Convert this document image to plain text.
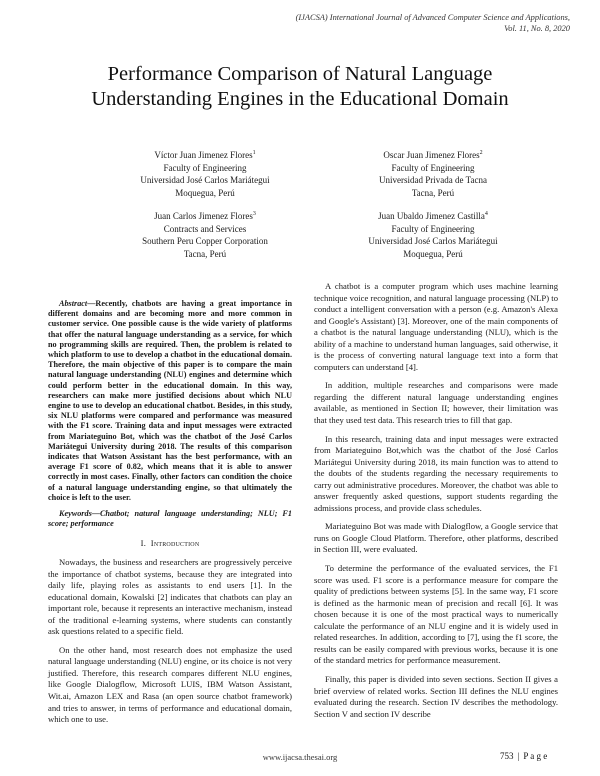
(IJACSA) International Journal of Advanced Computer Science and Applications,
Vol. 11, No. 8, 2020
Performance Comparison of Natural Language
Understanding Engines in the Educational Domain
Víctor Juan Jimenez Flores$^1$
Faculty of Engineering
Universidad José Carlos Mariátegui
Moquegua, Perú
Oscar Juan Jimenez Flores$^2$
Faculty of Engineering
Universidad Privada de Tacna
Tacna, Perú
Juan Carlos Jimenez Flores$^3$
Contracts and Services
Southern Peru Copper Corporation
Tacna, Perú
Juan Ubaldo Jimenez Castilla$^4$
Faculty of Engineering
Universidad José Carlos Mariátegui
Moquegua, Perú
Abstract—Recently, chatbots are having a great importance in different domains and are becoming more and more common in customer service. One possible cause is the wide variety of platforms that offer the natural language understanding as a service, for which no programming skills are required. Then, the problem is related to which platform to use to develop a chatbot in the educational domain. Therefore, the main objective of this paper is to compare the main natural language understanding (NLU) engines and determine which could perform better in the educational domain. In this way, researchers can make more justified decisions about which NLU engine to use to develop an educational chatbot. Besides, in this study, six NLU platforms were compared and performance was measured with the F1 score. Training data and input messages were extracted from Mariateguino Bot, which was the chatbot of the José Carlos Mariátegui University during 2018. The results of this comparison indicates that Watson Assistant has the best performance, with an average F1 score of 0.82, which means that it is able to answer correctly in most cases. Finally, other factors can condition the choice of a natural language understanding engine, so that ultimately the choice is left to the user.
Keywords—Chatbot; natural language understanding; NLU; F1 score; performance
I. Introduction

Nowadays, the business and researchers are progressively perceive the importance of chatbot systems, because they are integrated into daily life, playing roles as assistants to end users [1]. In the educational domain, Kowalski [2] indicates that chatbots can play an important role, because it represents an interactive mechanism, instead of the traditional e-learning systems, where students can constantly ask questions related to a specific field.

On the other hand, most research does not emphasize the used natural language understanding (NLU) engine, or its choice is not very justified. Therefore, this research compares different NLU engines, like Google Dialogflow, Microsoft LUIS, IBM Watson Assistant, Wit.ai, Amazon LEX and Rasa (an open source chatbot framework) and tries to answer, in terms of performance and educational domain, which one to use.

A chatbot is a computer program which uses machine learning technique voice recognition, and natural language processing (NLP) to conduct a intelligent conversation with a person (e.g. Amazon's Alexa and Google's Assistant) [3]. Moreover, one of the main components of a chatbot is the natural language understanding (NLU), which is the ability of a machine to understand human languages, said otherwise, it is the process of converting natural language text into a form that computers can understand [4].

In addition, multiple researches and comparisons were made regarding the different natural language understanding engines available, as mentioned in Section II; however, their limitation was that they used test data. This research tries to fill that gap.

In this research, training data and input messages were extracted from Mariateguino Bot,which was the chatbot of the José Carlos Mariátegui University during 2018, its main function was to attend to the doubts of the students regarding the necessary requirements to carry out administrative procedures. Moreover, the chatbot was able to answer frequently asked questions, support students regarding the admissions process, and provide class schedules.

Mariateguino Bot was made with Dialogflow, a Google service that runs on Google Cloud Platform. Therefore, other platforms, described in Section III, were evaluated.

To determine the performance of the evaluated services, the F1 score was used. F1 score is a performance measure for compare the quality of predictions between systems [5]. In the same way, F1 score is defined as the harmonic mean of precision and recall [6]. It was chosen because it is one of the most practical ways to numerically calculate the performance of an NLU engine and it is widely used in related researches. In addition, according to [7], using the f1 score, the results can be easily compared with previous works, because it is one of the standard metrics for performance measurement.

Finally, this paper is divided into seven sections. Section II gives a brief overview of related works. Section III defines the NLU engines evaluated during the research. Section IV describes the methodology. Section V and section IV describe

www.ijacsa.thesai.org	753 | P a g e
